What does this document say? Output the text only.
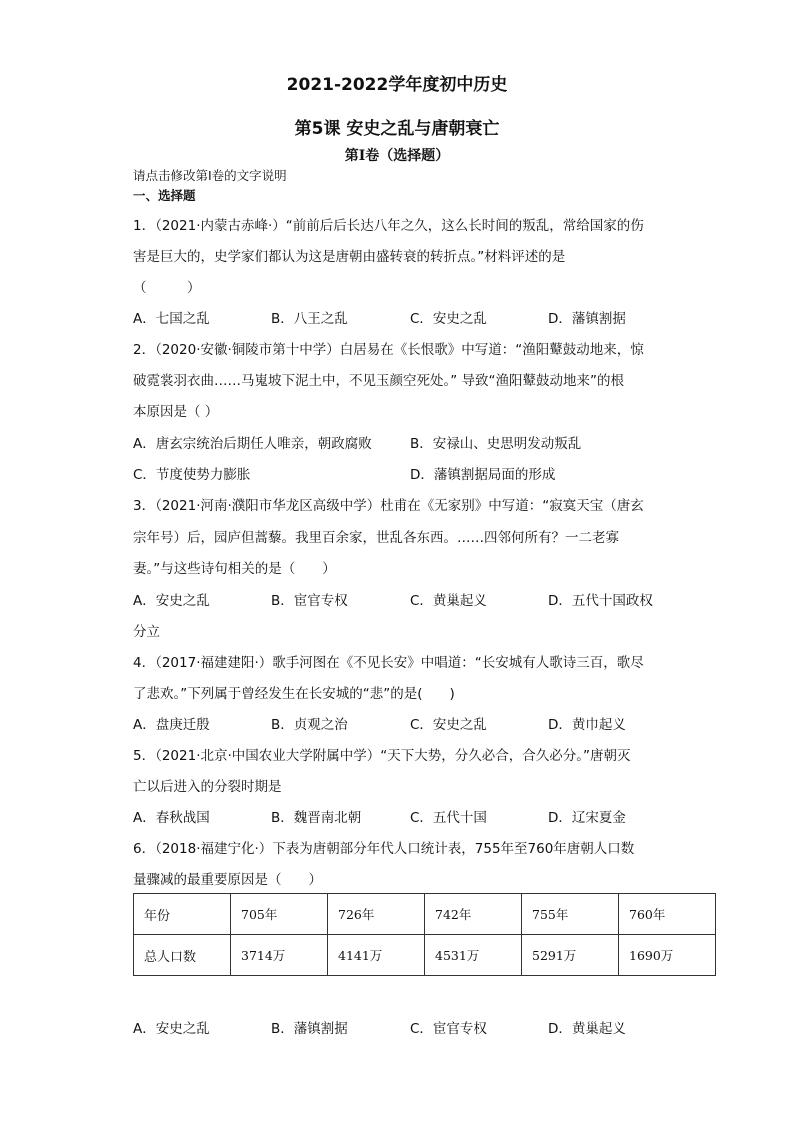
2021-2022学年度初中历史
第5课 安史之乱与唐朝衰亡
第I卷（选择题）
请点击修改第I卷的文字说明
一、选择题
1．（2021·内蒙古赤峰·）“前前后后长达八年之久，这么长时间的叛乱，常给国家的伤
害是巨大的，史学家们都认为这是唐朝由盛转衰的转折点。”材料评述的是
（　　　）
A．七国之乱	B．八王之乱	C．安史之乱	D．藩镇割据
2．（2020·安徽·铜陵市第十中学）白居易在《长恨歌》中写道：“渔阳鼙鼓动地来，惊
破霓裳羽衣曲……马嵬坡下泥土中，不见玉颜空死处。” 导致“渔阳鼙鼓动地来”的根
本原因是（ ）
A．唐玄宗统治后期任人唯亲，朝政腐败	B．安禄山、史思明发动叛乱
C．节度使势力膨胀	D．藩镇割据局面的形成
3．（2021·河南·濮阳市华龙区高级中学）杜甫在《无家别》中写道：“寂寞天宝（唐玄
宗年号）后，园庐但蒿藜。我里百余家，世乱各东西。……四邻何所有？一二老寡
妻。”与这些诗句相关的是（　　）
A．安史之乱	B．宦官专权	C．黄巢起义	D．五代十国政权
分立
4．（2017·福建建阳·）歌手河图在《不见长安》中唱道：“长安城有人歌诗三百，歌尽
了悲欢。”下列属于曾经发生在长安城的“悲”的是(　　)
A．盘庚迁殷	B．贞观之治	C．安史之乱	D．黄巾起义
5．（2021·北京·中国农业大学附属中学）“天下大势，分久必合，合久必分。”唐朝灭
亡以后进入的分裂时期是
A．春秋战国	B．魏晋南北朝	C．五代十国	D．辽宋夏金
6．（2018·福建宁化·）下表为唐朝部分年代人口统计表，755年至760年唐朝人口数
量骤减的最重要原因是（　　）
年份	705年	726年	742年	755年	760年
总人口数	3714万	4141万	4531万	5291万	1690万
A．安史之乱	B．藩镇割据	C．宦官专权	D．黄巢起义
